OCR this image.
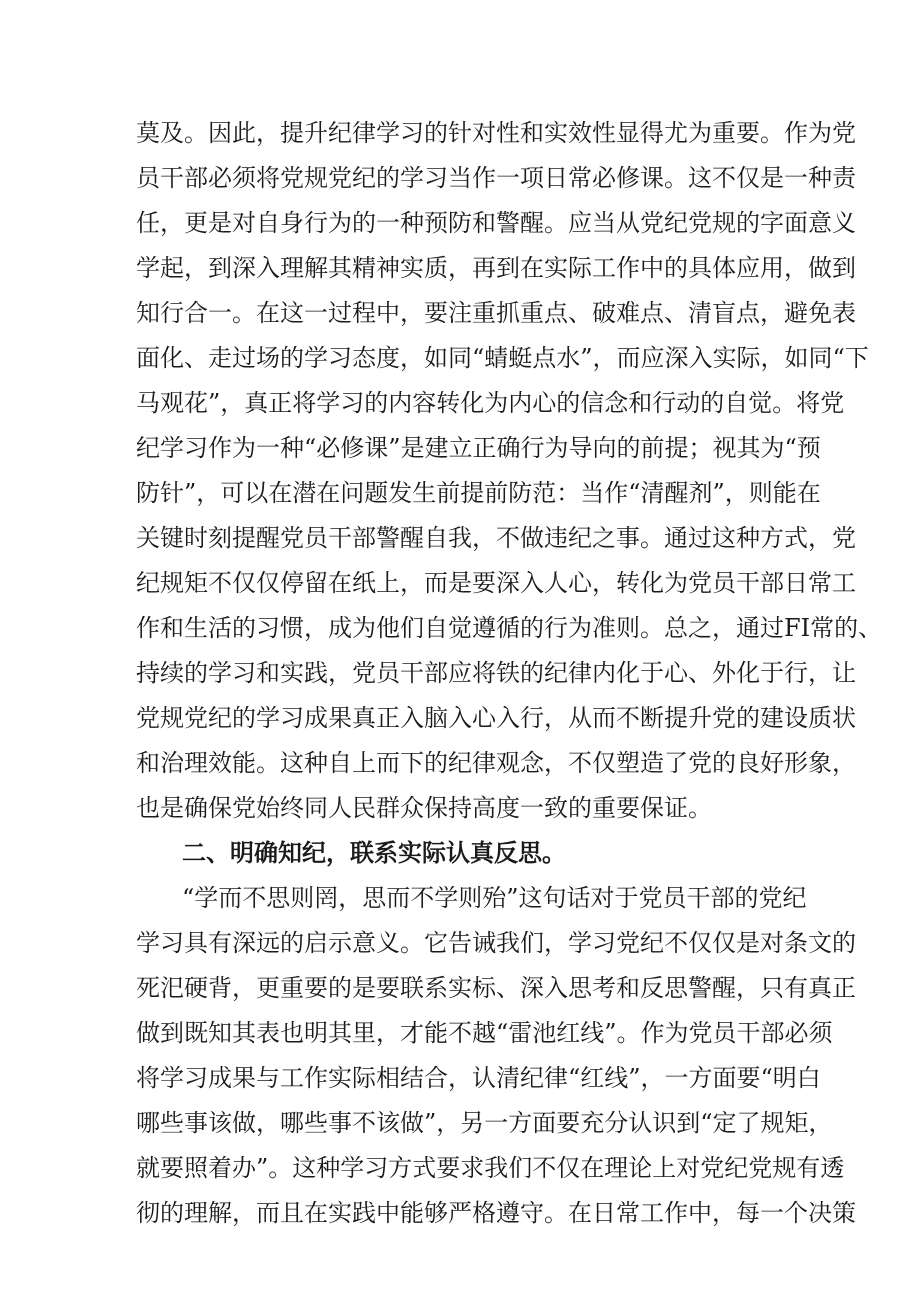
莫及。因此，提升纪律学习的针对性和实效性显得尤为重要。作为党
员干部必须将党规党纪的学习当作一项日常必修课。这不仅是一种责
任，更是对自身行为的一种预防和警醒。应当从党纪党规的字面意义
学起，到深入理解其精神实质，再到在实际工作中的具体应用，做到
知行合一。在这一过程中，要注重抓重点、破难点、清盲点，避免表
面化、走过场的学习态度，如同“蜻蜓点水”，而应深入实际，如同“下
马观花”，真正将学习的内容转化为内心的信念和行动的自觉。将党
纪学习作为一种“必修课”是建立正确行为导向的前提；视其为“预
防针”，可以在潜在问题发生前提前防范：当作“清醒剂”，则能在
关键时刻提醒党员干部警醒自我，不做违纪之事。通过这种方式，党
纪规矩不仅仅停留在纸上，而是要深入人心，转化为党员干部日常工
作和生活的习惯，成为他们自觉遵循的行为准则。总之，通过FI常的、
持续的学习和实践，党员干部应将铁的纪律内化于心、外化于行，让
党规党纪的学习成果真正入脑入心入行，从而不断提升党的建设质状
和治理效能。这种自上而下的纪律观念，不仅塑造了党的良好形象，
也是确保党始终同人民群众保持高度一致的重要保证。
二、明确知纪，联系实际认真反思。
“学而不思则罔，思而不学则殆”这句话对于党员干部的党纪
学习具有深远的启示意义。它告诫我们，学习党纪不仅仅是对条文的
死汜硬背，更重要的是要联系实标、深入思考和反思警醒，只有真正
做到既知其表也明其里，才能不越“雷池红线”。作为党员干部必须
将学习成果与工作实际相结合，认清纪律“红线”，一方面要“明白
哪些事该做，哪些事不该做”，另一方面要充分认识到“定了规矩，
就要照着办”。这种学习方式要求我们不仅在理论上对党纪党规有透
彻的理解，而且在实践中能够严格遵守。在日常工作中，每一个决策
